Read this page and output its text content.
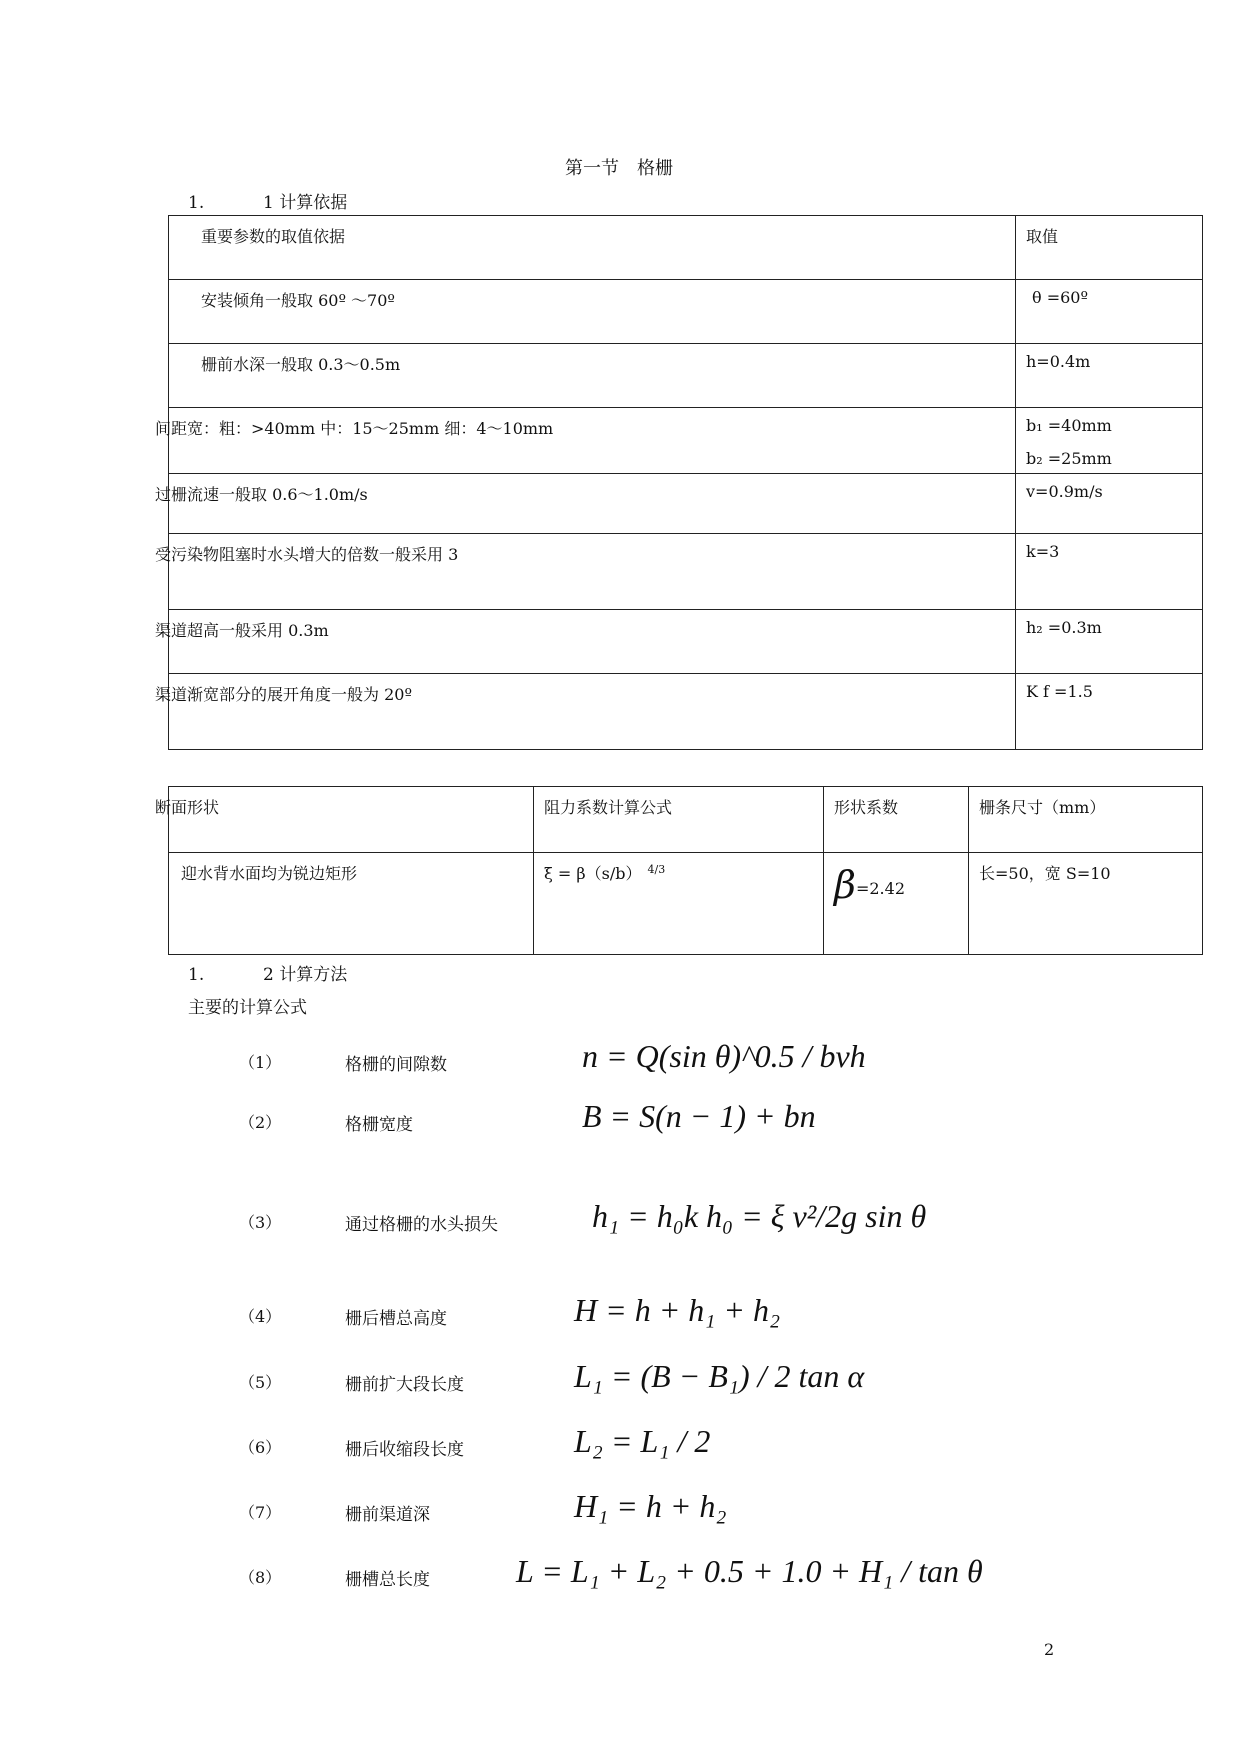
第一节　格栅
1.	1 计算依据
重要参数的取值依据	取值
安装倾角一般取 60º ～70º	θ =60º
栅前水深一般取 0.3～0.5m	h=0.4m

间距宽：粗：>40mm 中：15～25mm 细：4～10mm	b₁ =40mm
b₂ =25mm

过栅流速一般取 0.6～1.0m/s	v=0.9m/s

受污染物阻塞时水头增大的倍数一般采用 3	k=3

渠道超高一般采用 0.3m	h₂ =0.3m

渠道渐宽部分的展开角度一般为 20º	K f =1.5
断面形状	阻力系数计算公式	形状系数	栅条尺寸（mm）
迎水背水面均为锐边矩形	ξ = β（s/b） $^{4/3}$	β=2.42	长=50，宽 S=10
1.	2 计算方法
主要的计算公式
（1）	格栅的间隙数	n = Q(sin θ)^0.5 / bvh
（2）	格栅宽度	B = S(n − 1) + bn
（3）	通过格栅的水头损失	h₁ = h₀k h₀ = ξ v²/2g sin θ
（4）	栅后槽总高度	H = h + h₁ + h₂
（5）	栅前扩大段长度	L₁ = (B − B₁) / 2 tan α
（6）	栅后收缩段长度	L₂ = L₁ / 2
（7）	栅前渠道深	H₁ = h + h₂
（8）	栅槽总长度	L = L₁ + L₂ + 0.5 + 1.0 + H₁ / tan θ
2
